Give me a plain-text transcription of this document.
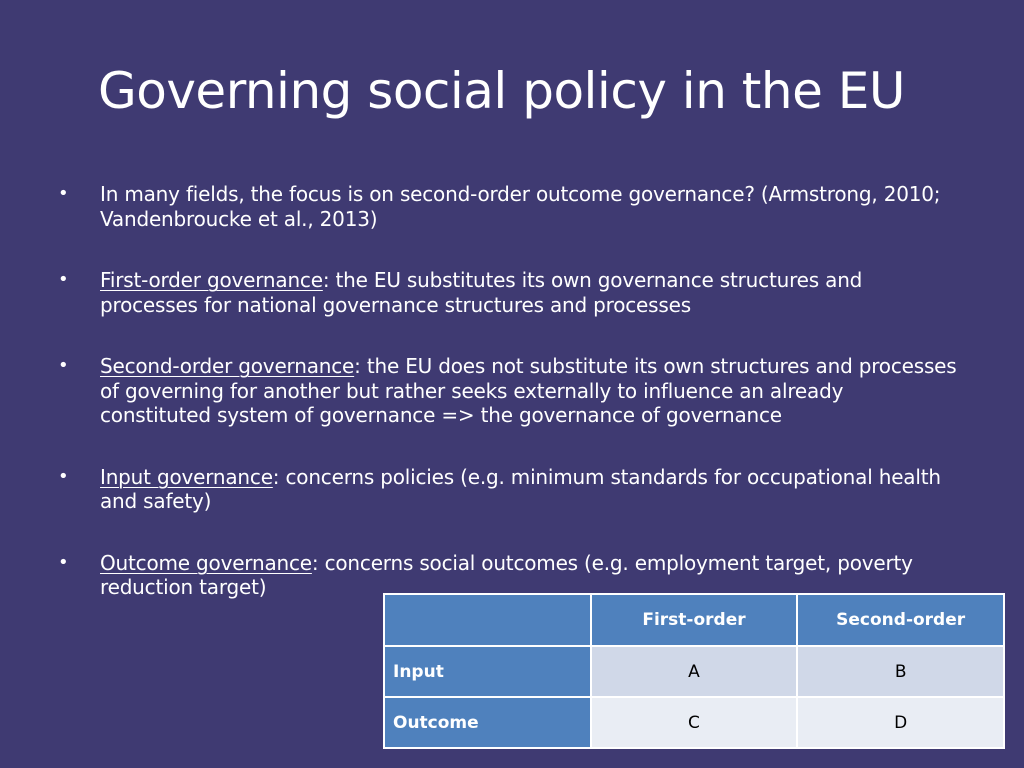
Governing social policy in the EU
• In many fields, the focus is on second-order outcome governance? (Armstrong, 2010; Vandenbroucke et al., 2013)
• First-order governance: the EU substitutes its own governance structures and processes for national governance structures and processes
• Second-order governance: the EU does not substitute its own structures and processes of governing for another but rather seeks externally to influence an already constituted system of governance => the governance of governance
• Input governance: concerns policies (e.g. minimum standards for occupational health and safety)
• Outcome governance: concerns social outcomes (e.g. employment target, poverty reduction target)
	First-order	Second-order
Input	A	B
Outcome	C	D
